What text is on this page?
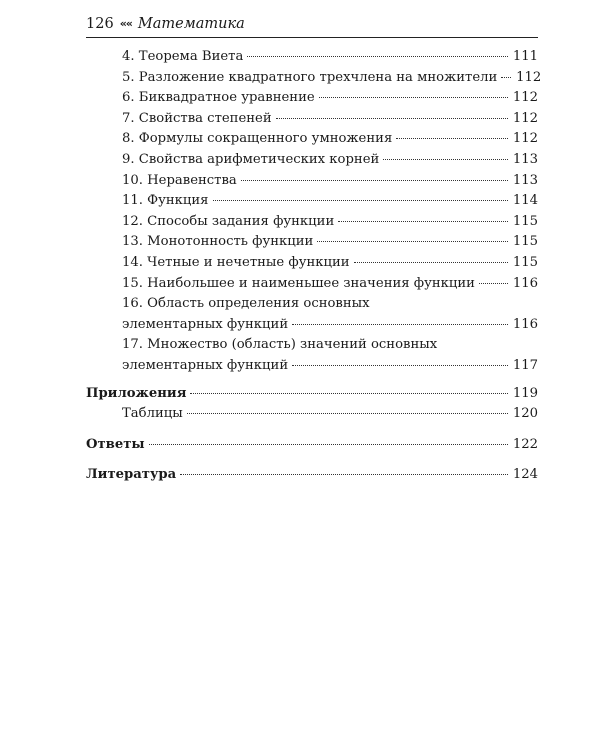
126 «« Математика
4. Теорема Виета	111
5. Разложение квадратного трехчлена на множители 112
6. Биквадратное уравнение	112
7. Свойства степеней	112
8. Формулы сокращенного умножения	112
9. Свойства арифметических корней	113
10. Неравенства	113
11. Функция	114
12. Способы задания функции	115
13. Монотонность функции	115
14. Четные и нечетные функции	115
15. Наибольшее и наименьшее значения функции	116
16. Область определения основных
элементарных функций	116
17. Множество (область) значений основных
элементарных функций	117
Приложения	119
Таблицы	120
Ответы	122
Литература	124
